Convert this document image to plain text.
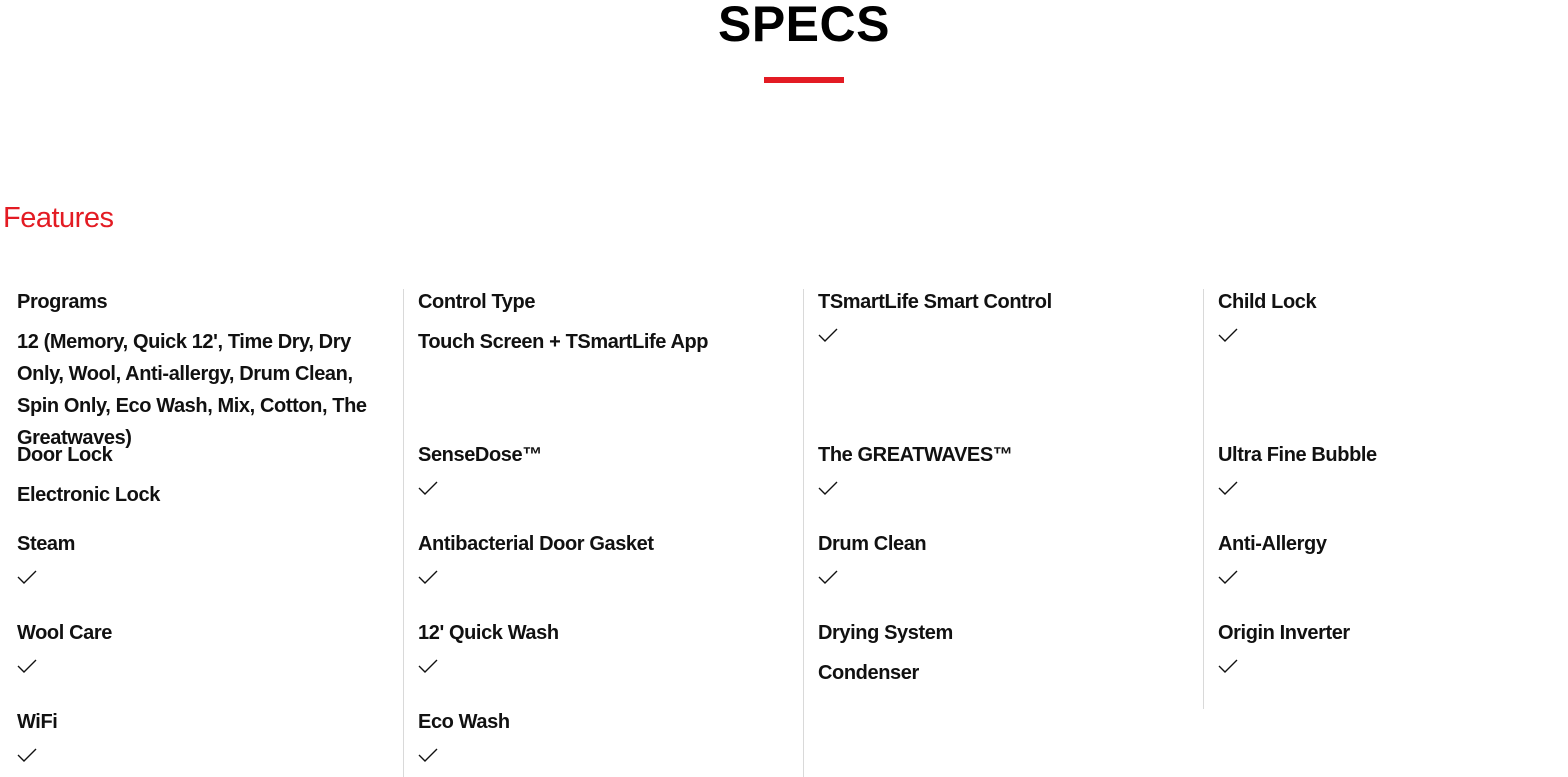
SPECS
Features
Programs
12 (Memory, Quick 12', Time Dry, Dry Only, Wool, Anti-allergy, Drum Clean, Spin Only, Eco Wash, Mix, Cotton, The Greatwaves)
Door Lock
Electronic Lock
Steam
Wool Care
WiFi
Control Type
Touch Screen + TSmartLife App
SenseDose™
Antibacterial Door Gasket
12' Quick Wash
Eco Wash
TSmartLife Smart Control
The GREATWAVES™
Drum Clean
Drying System
Condenser
Child Lock
Ultra Fine Bubble
Anti-Allergy
Origin Inverter
